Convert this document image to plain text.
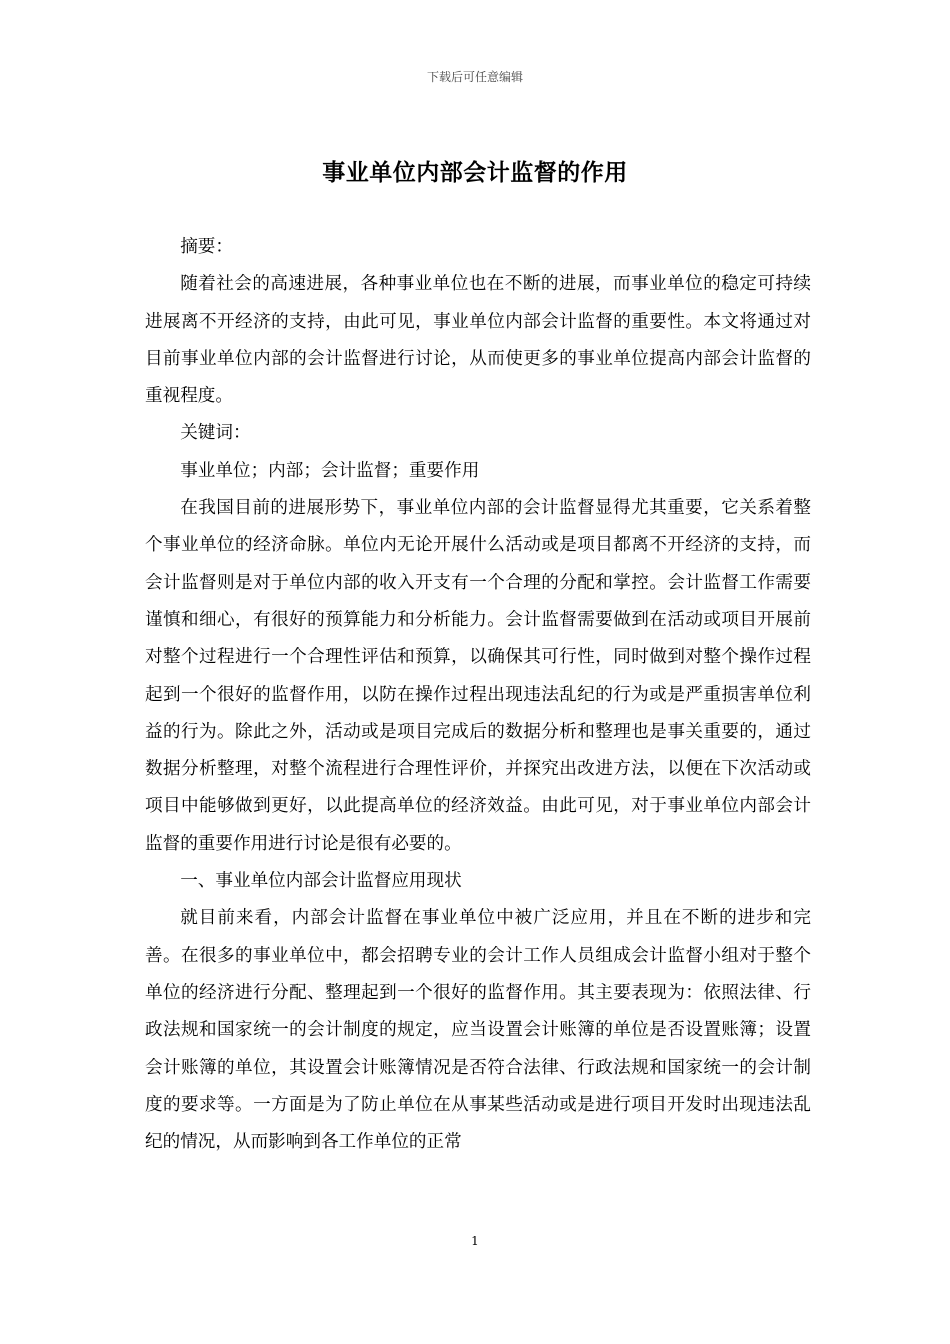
下载后可任意编辑
事业单位内部会计监督的作用

摘要：

随着社会的高速进展，各种事业单位也在不断的进展，而事业单位的稳定可持续进展离不开经济的支持，由此可见，事业单位内部会计监督的重要性。本文将通过对目前事业单位内部的会计监督进行讨论，从而使更多的事业单位提高内部会计监督的重视程度。

关键词：

事业单位；内部；会计监督；重要作用

在我国目前的进展形势下，事业单位内部的会计监督显得尤其重要，它关系着整个事业单位的经济命脉。单位内无论开展什么活动或是项目都离不开经济的支持，而会计监督则是对于单位内部的收入开支有一个合理的分配和掌控。会计监督工作需要谨慎和细心，有很好的预算能力和分析能力。会计监督需要做到在活动或项目开展前对整个过程进行一个合理性评估和预算，以确保其可行性，同时做到对整个操作过程起到一个很好的监督作用，以防在操作过程出现违法乱纪的行为或是严重损害单位利益的行为。除此之外，活动或是项目完成后的数据分析和整理也是事关重要的，通过数据分析整理，对整个流程进行合理性评价，并探究出改进方法，以便在下次活动或项目中能够做到更好，以此提高单位的经济效益。由此可见，对于事业单位内部会计监督的重要作用进行讨论是很有必要的。

一、事业单位内部会计监督应用现状

就目前来看，内部会计监督在事业单位中被广泛应用，并且在不断的进步和完善。在很多的事业单位中，都会招聘专业的会计工作人员组成会计监督小组对于整个单位的经济进行分配、整理起到一个很好的监督作用。其主要表现为：依照法律、行政法规和国家统一的会计制度的规定，应当设置会计账簿的单位是否设置账簿；设置会计账簿的单位，其设置会计账簿情况是否符合法律、行政法规和国家统一的会计制度的要求等。一方面是为了防止单位在从事某些活动或是进行项目开发时出现违法乱纪的情况，从而影响到各工作单位的正常

1
